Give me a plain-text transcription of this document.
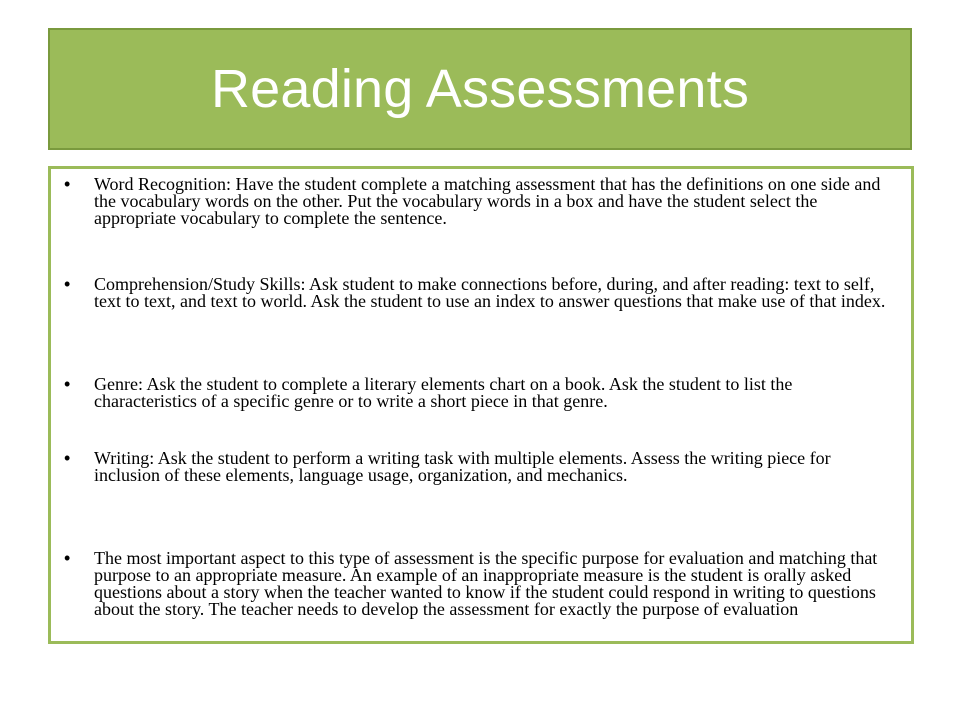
Reading Assessments
• Word Recognition: Have the student complete a matching assessment that has the definitions on one side and the vocabulary words on the other. Put the vocabulary words in a box and have the student select the appropriate vocabulary to complete the sentence.
• Comprehension/Study Skills: Ask student to make connections before, during, and after reading: text to self, text to text, and text to world. Ask the student to use an index to answer questions that make use of that index.
• Genre: Ask the student to complete a literary elements chart on a book. Ask the student to list the characteristics of a specific genre or to write a short piece in that genre.
• Writing: Ask the student to perform a writing task with multiple elements. Assess the writing piece for inclusion of these elements, language usage, organization, and mechanics.
• The most important aspect to this type of assessment is the specific purpose for evaluation and matching that purpose to an appropriate measure. An example of an inappropriate measure is the student is orally asked questions about a story when the teacher wanted to know if the student could respond in writing to questions about the story. The teacher needs to develop the assessment for exactly the purpose of evaluation
